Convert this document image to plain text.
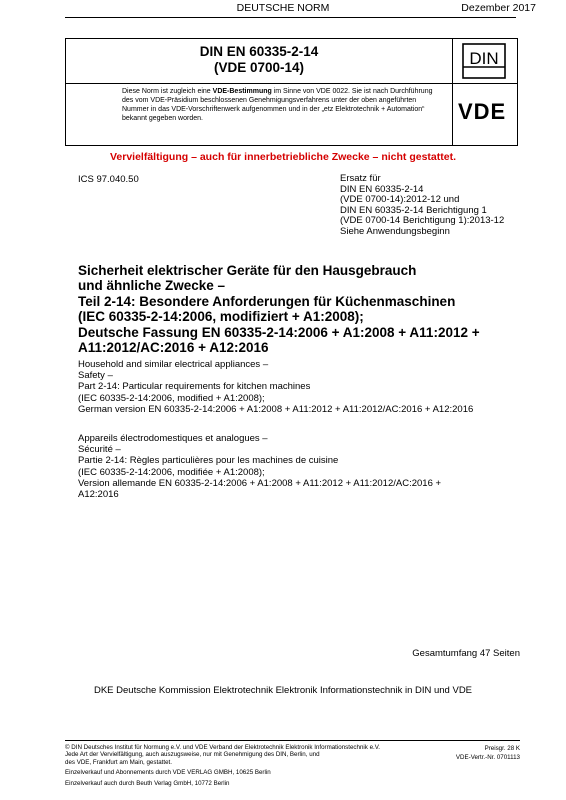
DEUTSCHE NORM	Dezember 2017
DIN EN 60335-2-14
(VDE 0700-14)	DIN
Diese Norm ist zugleich eine VDE-Bestimmung im Sinne von VDE 0022. Sie ist nach Durchführung des vom VDE-Präsidium beschlossenen Genehmigungsverfahrens unter der oben angeführten Nummer in das VDE-Vorschriftenwerk aufgenommen und in der „etz Elektrotechnik + Automation“ bekannt gegeben worden.	VDE
Vervielfältigung – auch für innerbetriebliche Zwecke – nicht gestattet.
ICS 97.040.50	Ersatz für
DIN EN 60335-2-14
(VDE 0700-14):2012-12 und
DIN EN 60335-2-14 Berichtigung 1
(VDE 0700-14 Berichtigung 1):2013-12
Siehe Anwendungsbeginn
Sicherheit elektrischer Geräte für den Hausgebrauch
und ähnliche Zwecke –
Teil 2-14: Besondere Anforderungen für Küchenmaschinen
(IEC 60335-2-14:2006, modifiziert + A1:2008);
Deutsche Fassung EN 60335-2-14:2006 + A1:2008 + A11:2012 +
A11:2012/AC:2016 + A12:2016
Household and similar electrical appliances –
Safety –
Part 2-14: Particular requirements for kitchen machines
(IEC 60335-2-14:2006, modified + A1:2008);
German version EN 60335-2-14:2006 + A1:2008 + A11:2012 + A11:2012/AC:2016 + A12:2016
Appareils électrodomestiques et analogues –
Sécurité –
Partie 2-14: Règles particulières pour les machines de cuisine
(IEC 60335-2-14:2006, modifiée + A1:2008);
Version allemande EN 60335-2-14:2006 + A1:2008 + A11:2012 + A11:2012/AC:2016 +
A12:2016
Gesamtumfang 47 Seiten
DKE Deutsche Kommission Elektrotechnik Elektronik Informationstechnik in DIN und VDE
© DIN Deutsches Institut für Normung e.V. und VDE Verband der Elektrotechnik Elektronik Informationstechnik e.V.
Jede Art der Vervielfältigung, auch auszugsweise, nur mit Genehmigung des DIN, Berlin, und
des VDE, Frankfurt am Main, gestattet.
Preisgr. 28 K
VDE-Vertr.-Nr. 0701113
Einzelverkauf und Abonnements durch VDE VERLAG GMBH, 10625 Berlin
Einzelverkauf auch durch Beuth Verlag GmbH, 10772 Berlin
